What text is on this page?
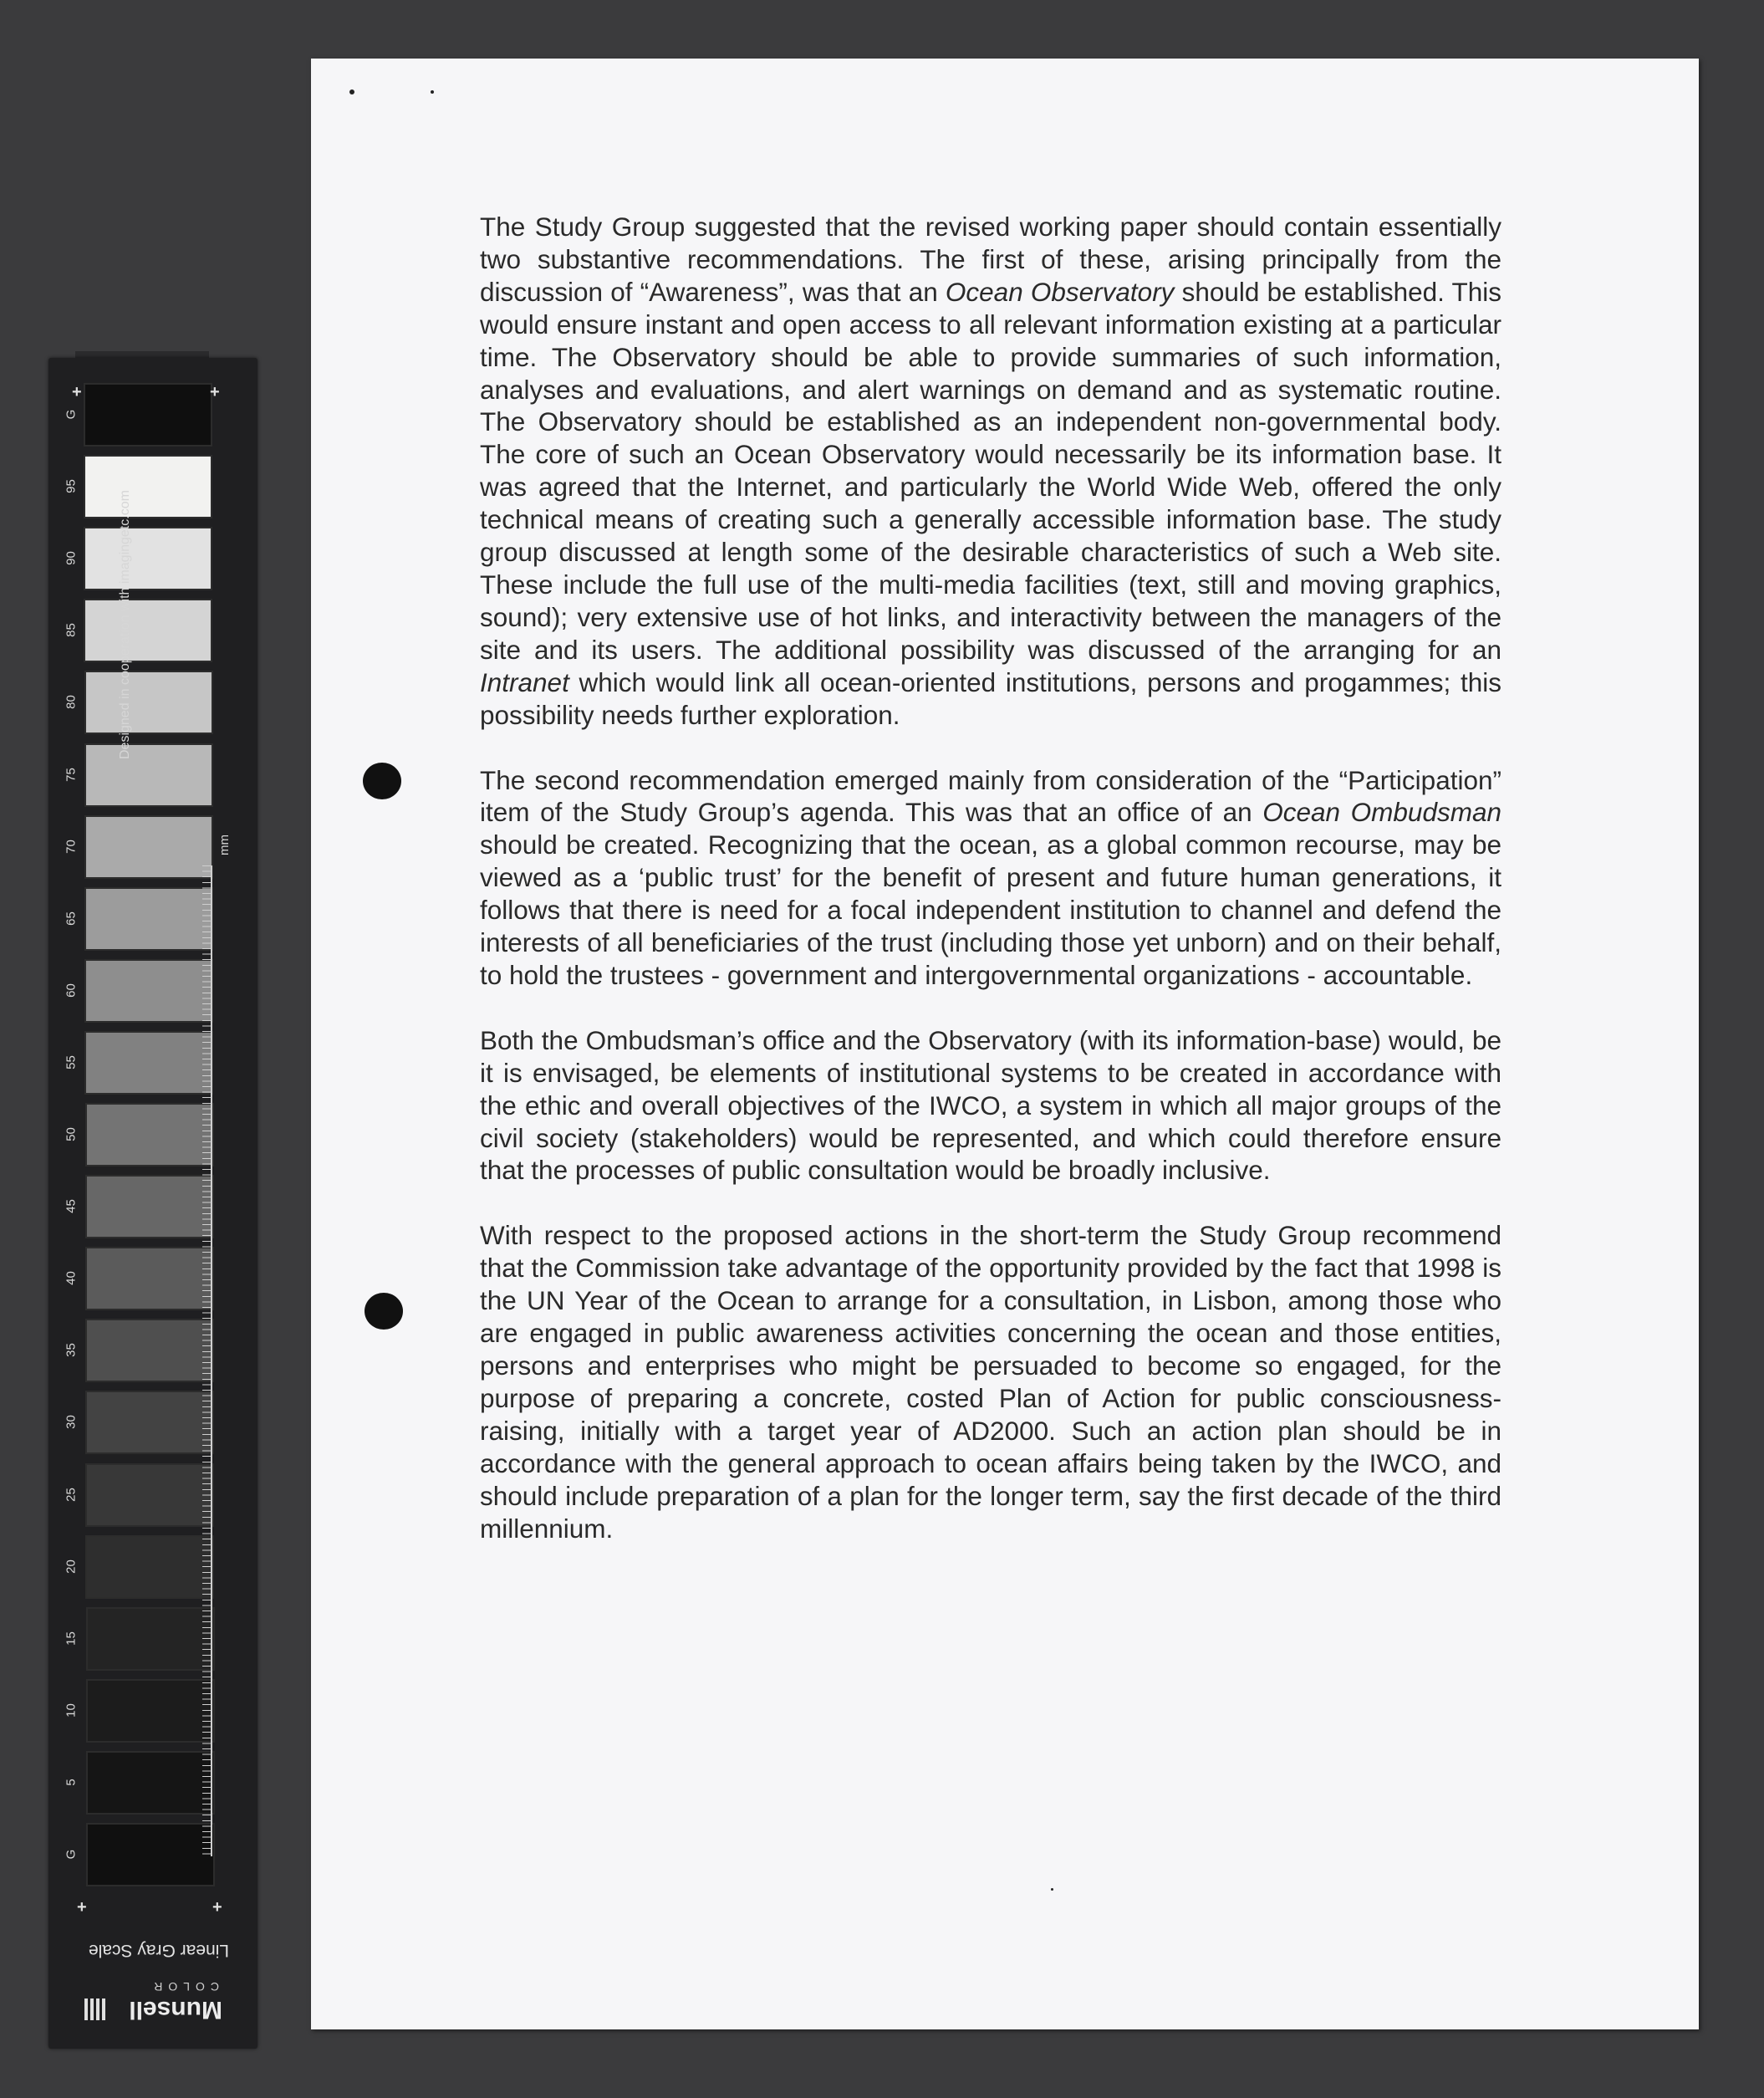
G
95
90
85
80
75
70
65
60
55
50
45
40
35
30
25
20
15
10
5
G
+	+
+	+
Designed in cooperation with imagingetc.com
mm
Linear Gray Scale
Munsell
COLOR

The Study Group suggested that the revised working paper should contain essentially two substantive recommendations. The first of these, arising principally from the discussion of “Awareness”, was that an Ocean Observatory should be established. This would ensure instant and open access to all relevant information existing at a particular time. The Observatory should be able to provide summaries of such information, analyses and evaluations, and alert warnings on demand and as systematic routine. The Observatory should be established as an independent non-governmental body. The core of such an Ocean Observatory would necessarily be its information base. It was agreed that the Internet, and particularly the World Wide Web, offered the only technical means of creating such a generally accessible information base. The study group discussed at length some of the desirable characteristics of such a Web site. These include the full use of the multi-media facilities (text, still and moving graphics, sound); very extensive use of hot links, and interactivity between the managers of the site and its users. The additional possibility was discussed of the arranging for an Intranet which would link all ocean-oriented institutions, persons and progammes; this possibility needs further exploration.

The second recommendation emerged mainly from consideration of the “Participation” item of the Study Group’s agenda. This was that an office of an Ocean Ombudsman should be created. Recognizing that the ocean, as a global common recourse, may be viewed as a ‘public trust’ for the benefit of present and future human generations, it follows that there is need for a focal independent institution to channel and defend the interests of all beneficiaries of the trust (including those yet unborn) and on their behalf, to hold the trustees - government and intergovernmental organizations - accountable.

Both the Ombudsman’s office and the Observatory (with its information-base) would, be it is envisaged, be elements of institutional systems to be created in accordance with the ethic and overall objectives of the IWCO, a system in which all major groups of the civil society (stakeholders) would be represented, and which could therefore ensure that the processes of public consultation would be broadly inclusive.

With respect to the proposed actions in the short-term the Study Group recommend that the Commission take advantage of the opportunity provided by the fact that 1998 is the UN Year of the Ocean to arrange for a consultation, in Lisbon, among those who are engaged in public awareness activities concerning the ocean and those entities, persons and enterprises who might be persuaded to become so engaged, for the purpose of preparing a concrete, costed Plan of Action for public consciousness-raising, initially with a target year of AD2000. Such an action plan should be in accordance with the general approach to ocean affairs being taken by the IWCO, and should include preparation of a plan for the longer term, say the first decade of the third millennium.
